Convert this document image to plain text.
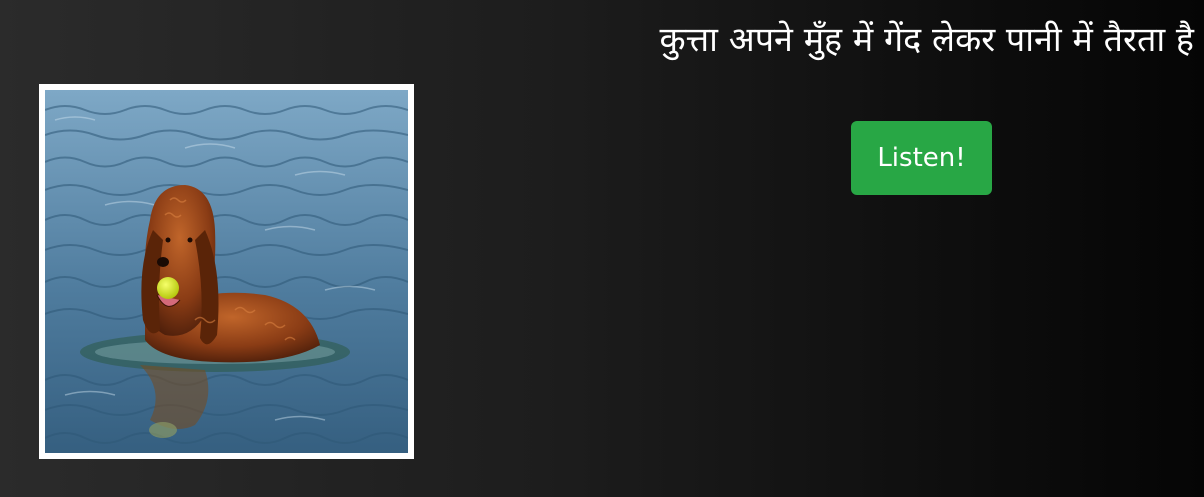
कुत्ता अपने मुँह में गेंद लेकर पानी में तैरता है
Listen!
